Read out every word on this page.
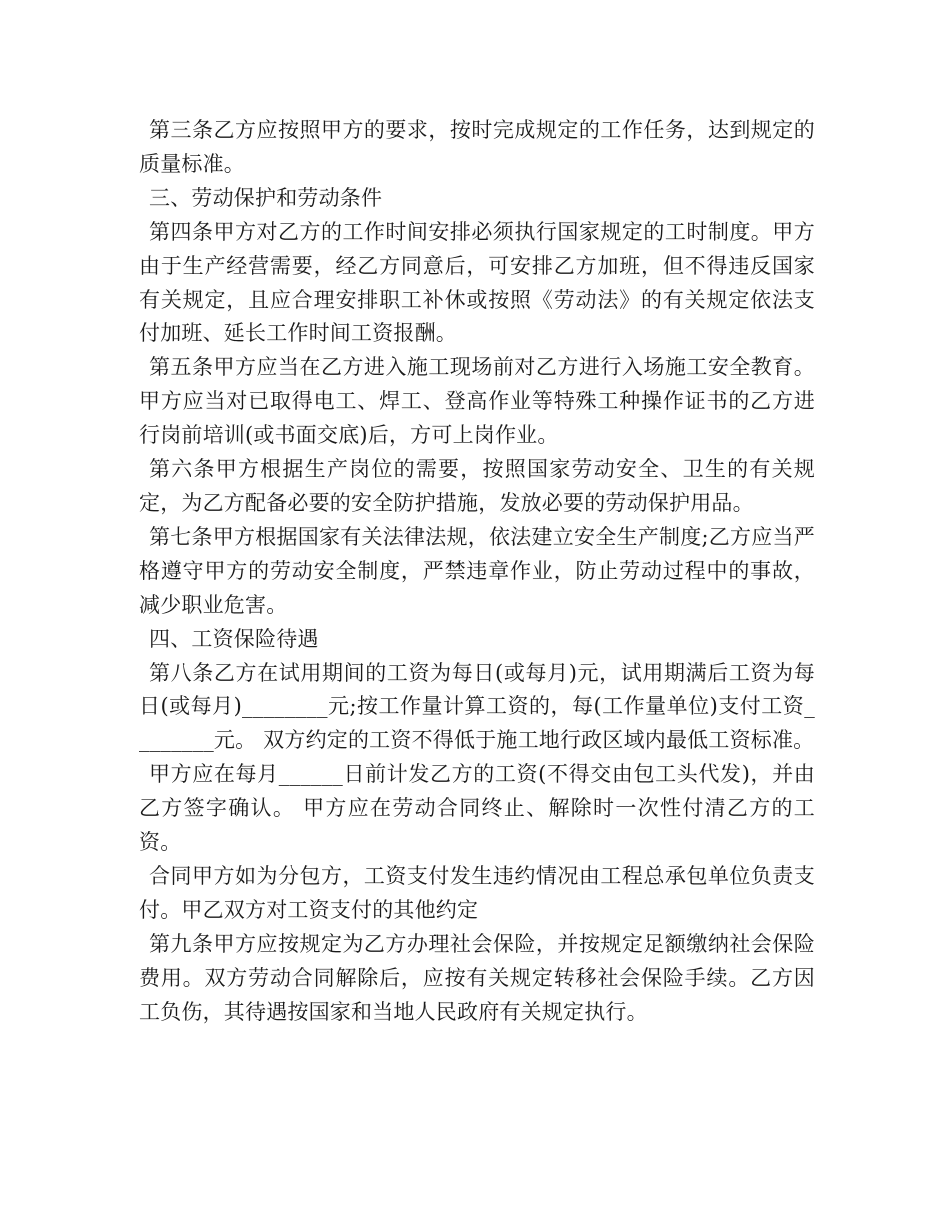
第三条乙方应按照甲方的要求，按时完成规定的工作任务，达到规定的质量标准。

三、劳动保护和劳动条件

第四条甲方对乙方的工作时间安排必须执行国家规定的工时制度。甲方由于生产经营需要，经乙方同意后，可安排乙方加班，但不得违反国家有关规定，且应合理安排职工补休或按照《劳动法》的有关规定依法支付加班、延长工作时间工资报酬。

第五条甲方应当在乙方进入施工现场前对乙方进行入场施工安全教育。甲方应当对已取得电工、焊工、登高作业等特殊工种操作证书的乙方进行岗前培训(或书面交底)后，方可上岗作业。

第六条甲方根据生产岗位的需要，按照国家劳动安全、卫生的有关规定，为乙方配备必要的安全防护措施，发放必要的劳动保护用品。

第七条甲方根据国家有关法律法规，依法建立安全生产制度;乙方应当严格遵守甲方的劳动安全制度，严禁违章作业，防止劳动过程中的事故，减少职业危害。

四、工资保险待遇

第八条乙方在试用期间的工资为每日(或每月)元，试用期满后工资为每日(或每月)________元;按工作量计算工资的，每(工作量单位)支付工资________元。 双方约定的工资不得低于施工地行政区域内最低工资标准。

甲方应在每月______日前计发乙方的工资(不得交由包工头代发)，并由乙方签字确认。 甲方应在劳动合同终止、解除时一次性付清乙方的工资。

合同甲方如为分包方，工资支付发生违约情况由工程总承包单位负责支付。甲乙双方对工资支付的其他约定

第九条甲方应按规定为乙方办理社会保险，并按规定足额缴纳社会保险费用。双方劳动合同解除后，应按有关规定转移社会保险手续。乙方因工负伤，其待遇按国家和当地人民政府有关规定执行。
